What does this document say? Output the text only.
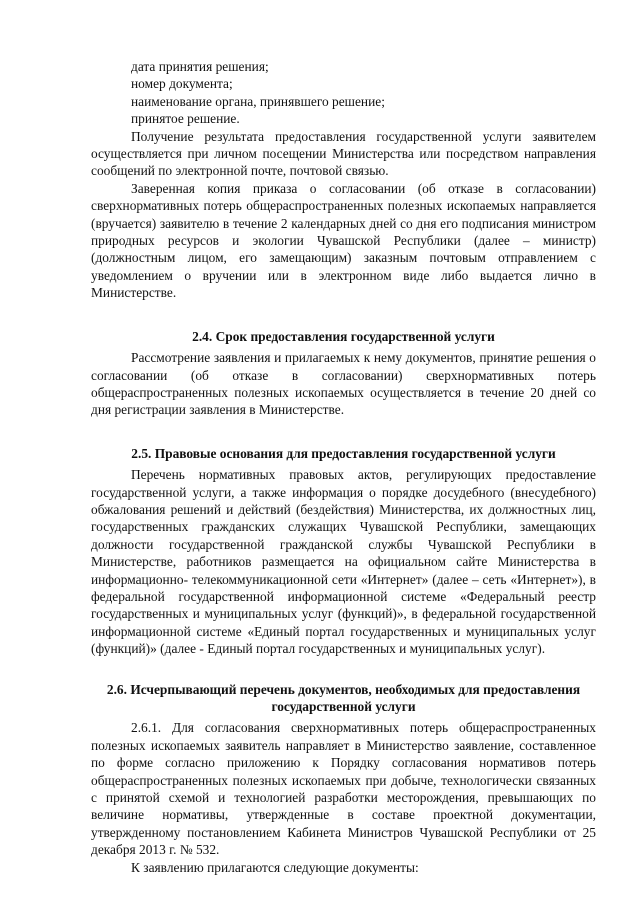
дата принятия решения;

номер документа;

наименование органа, принявшего решение;

принятое решение.

Получение результата предоставления государственной услуги заявителем осуществляется при личном посещении Министерства или посредством направления сообщений по электронной почте, почтовой связью.

Заверенная копия приказа о согласовании (об отказе в согласовании) сверхнормативных потерь общераспространенных полезных ископаемых направляется (вручается) заявителю в течение 2 календарных дней со дня его подписания министром природных ресурсов и экологии Чувашской Республики (далее – министр) (должностным лицом, его замещающим) заказным почтовым отправлением с уведомлением о вручении или в электронном виде либо выдается лично в Министерстве.

2.4. Срок предоставления государственной услуги

Рассмотрение заявления и прилагаемых к нему документов, принятие решения о согласовании (об отказе в согласовании) сверхнормативных потерь общераспространенных полезных ископаемых осуществляется в течение 20 дней со дня регистрации заявления в Министерстве.

2.5. Правовые основания для предоставления государственной услуги

Перечень нормативных правовых актов, регулирующих предоставление государственной услуги, а также информация о порядке досудебного (внесудебного) обжалования решений и действий (бездействия) Министерства, их должностных лиц, государственных гражданских служащих Чувашской Республики, замещающих должности государственной гражданской службы Чувашской Республики в Министерстве, работников размещается на официальном сайте Министерства в информационно- телекоммуникационной сети «Интернет» (далее – сеть «Интернет»), в федеральной государственной информационной системе «Федеральный реестр государственных и муниципальных услуг (функций)», в федеральной государственной информационной системе «Единый портал государственных и муниципальных услуг (функций)» (далее - Единый портал государственных и муниципальных услуг).

2.6. Исчерпывающий перечень документов, необходимых для предоставления

государственной услуги

2.6.1. Для согласования сверхнормативных потерь общераспространенных полезных ископаемых заявитель направляет в Министерство заявление, составленное по форме согласно приложению к Порядку согласования нормативов потерь общераспространенных полезных ископаемых при добыче, технологически связанных с принятой схемой и технологией разработки месторождения, превышающих по величине нормативы, утвержденные в составе проектной документации, утвержденному постановлением Кабинета Министров Чувашской Республики от 25 декабря 2013 г. № 532.

К заявлению прилагаются следующие документы:
